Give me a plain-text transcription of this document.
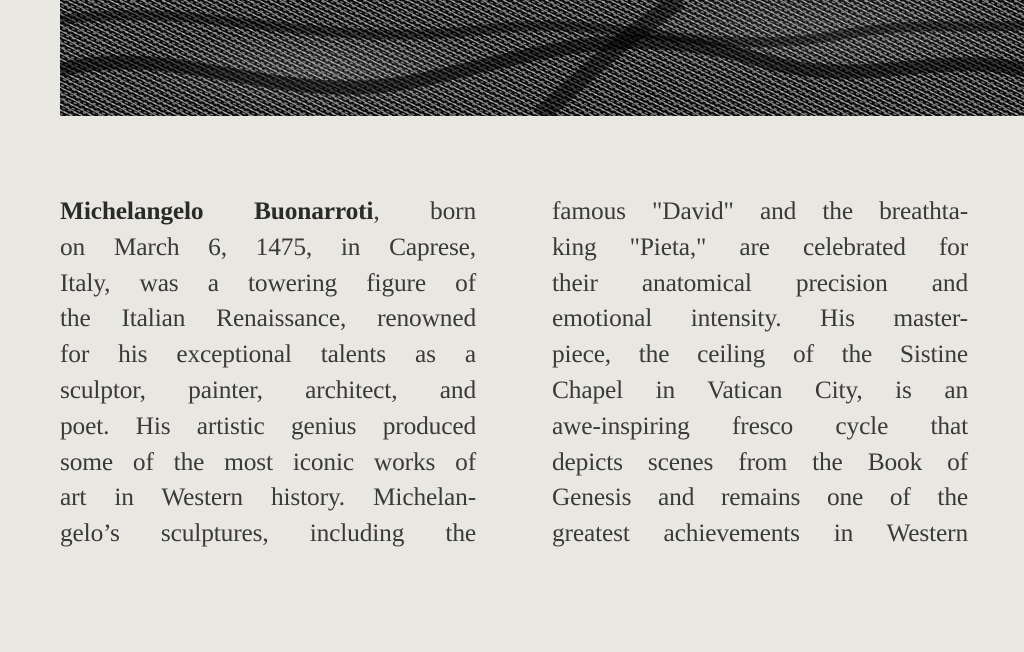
Michelangelo Buonarroti, born
on March 6, 1475, in Caprese,
Italy, was a towering figure of
the Italian Renaissance, renowned
for his exceptional talents as a
sculptor, painter, architect, and
poet. His artistic genius produced
some of the most iconic works of
art in Western history. Michelan-
gelo’s sculptures, including the
famous "David" and the breathta-
king "Pieta," are celebrated for
their anatomical precision and
emotional intensity. His master-
piece, the ceiling of the Sistine
Chapel in Vatican City, is an
awe-inspiring fresco cycle that
depicts scenes from the Book of
Genesis and remains one of the
greatest achievements in Western
